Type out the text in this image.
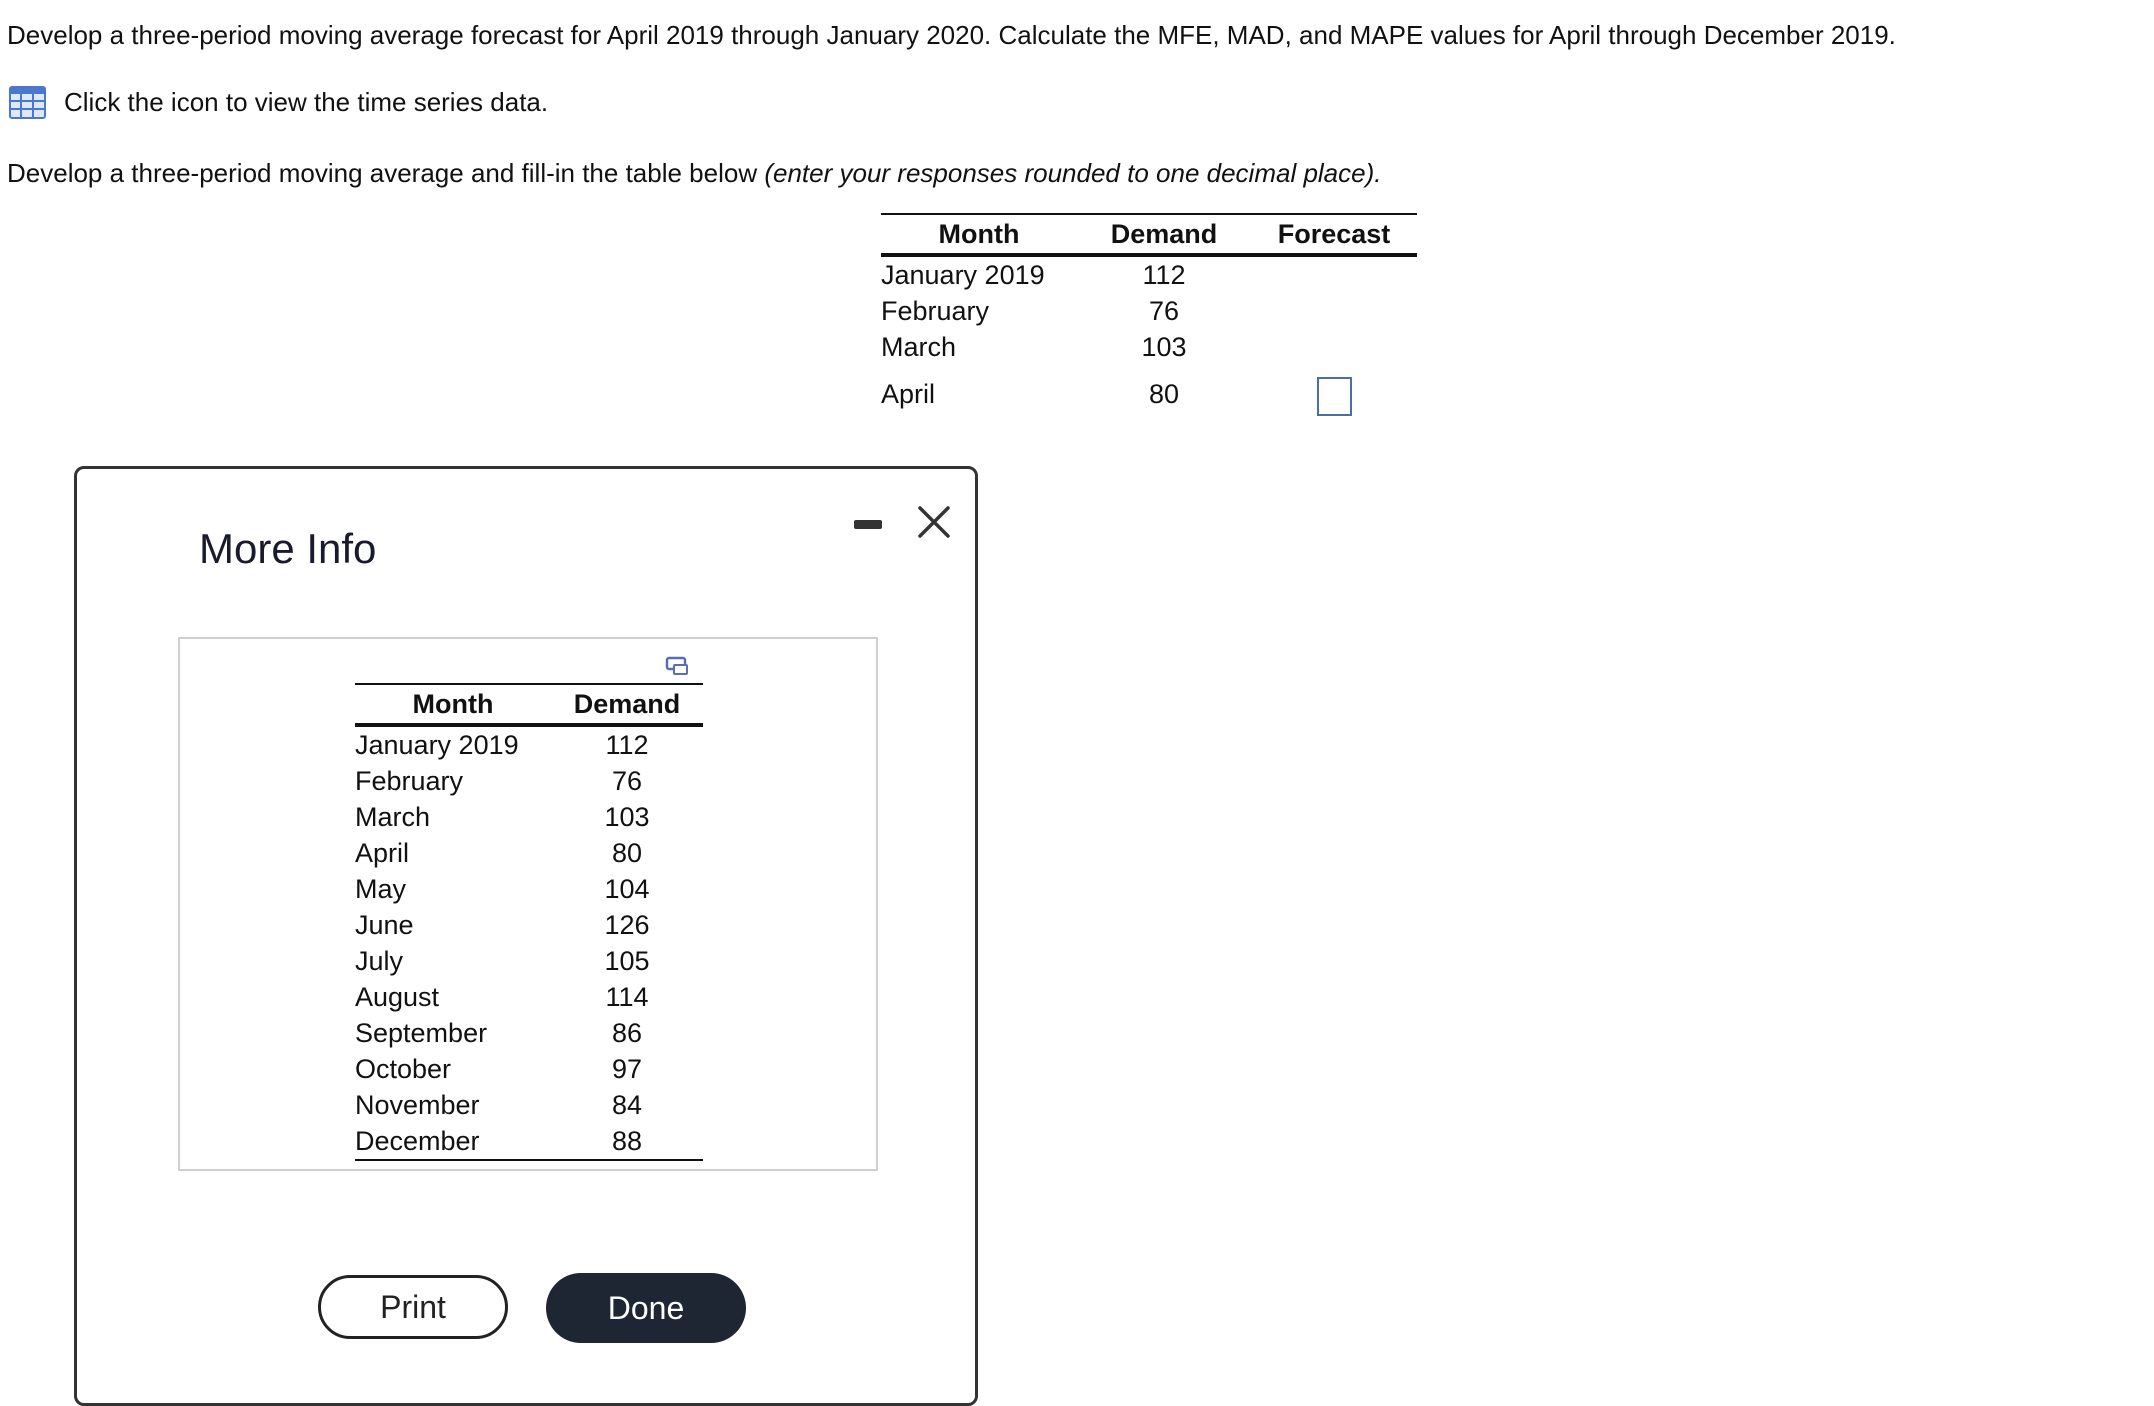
Develop a three-period moving average forecast for April 2019 through January 2020. Calculate the MFE, MAD, and MAPE values for April through December 2019.
Click the icon to view the time series data.
Develop a three-period moving average and fill-in the table below (enter your responses rounded to one decimal place).
Month	Demand	Forecast
January 2019	112	
February	76	
March	103	
April	80	
More Info
Month	Demand
January 2019	112
February	76
March	103
April	80
May	104
June	126
July	105
August	114
September	86
October	97
November	84
December	88
Print	Done
